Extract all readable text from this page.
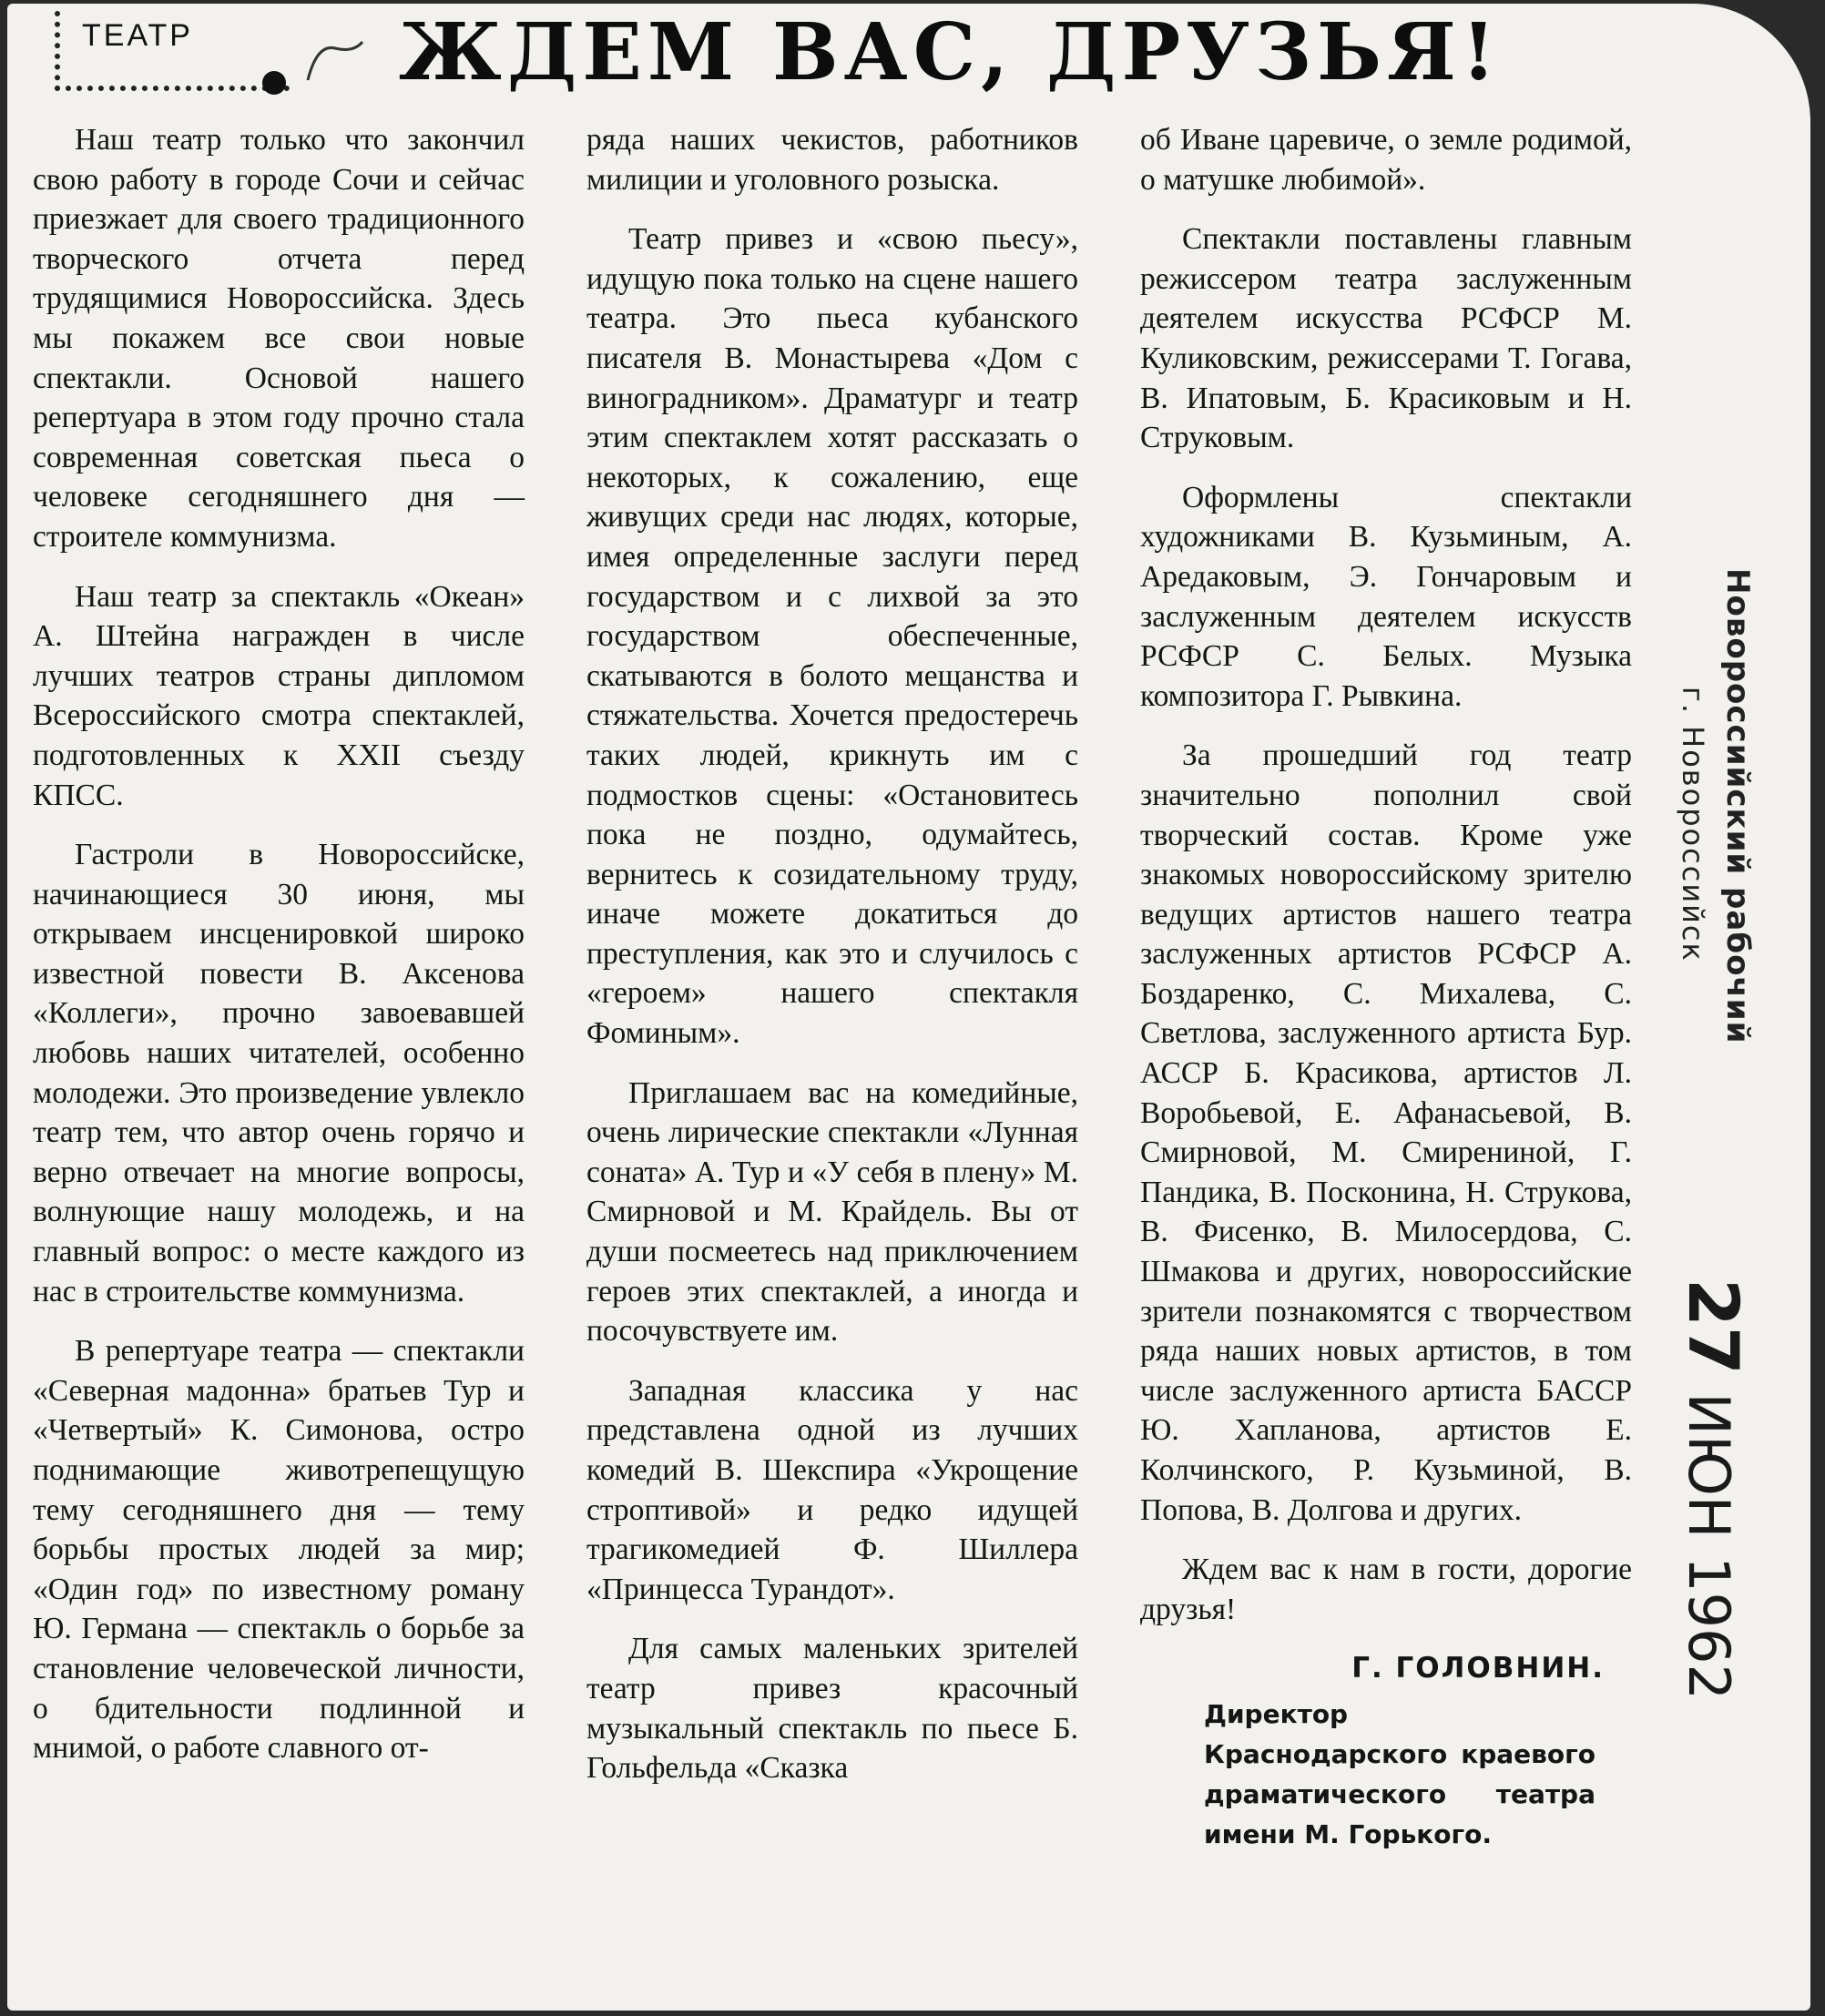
ТЕАТР	ЖДЕМ ВАС, ДРУЗЬЯ!

Наш театр только что закончил свою работу в городе Сочи и сейчас приезжает для своего традиционного творческого отчета перед трудящимися Новороссийска. Здесь мы покажем все свои новые спектакли. Основой нашего репертуара в этом году прочно стала современная советская пьеса о человеке сегодняшнего дня — строителе коммунизма.

Наш театр за спектакль «Океан» А. Штейна награжден в числе лучших театров страны дипломом Всероссийского смотра спектаклей, подготовленных к XXII съезду КПСС.

Гастроли в Новороссийске, начинающиеся 30 июня, мы открываем инсценировкой широко известной повести В. Аксенова «Коллеги», прочно завоевавшей любовь наших читателей, особенно молодежи. Это произведение увлекло театр тем, что автор очень горячо и верно отвечает на многие вопросы, волнующие нашу молодежь, и на главный вопрос: о месте каждого из нас в строительстве коммунизма.

В репертуаре театра — спектакли «Северная мадонна» братьев Тур и «Четвертый» К. Симонова, остро поднимающие животрепещущую тему сегодняшнего дня — тему борьбы простых людей за мир; «Один год» по известному роману Ю. Германа — спектакль о борьбе за становление человеческой личности, о бдительности подлинной и мнимой, о работе славного от-

ряда наших чекистов, работников милиции и уголовного розыска.

Театр привез и «свою пьесу», идущую пока только на сцене нашего театра. Это пьеса кубанского писателя В. Монастырева «Дом с виноградником». Драматург и театр этим спектаклем хотят рассказать о некоторых, к сожалению, еще живущих среди нас людях, которые, имея определенные заслуги перед государством и с лихвой за это государством обеспеченные, скатываются в болото мещанства и стяжательства. Хочется предостеречь таких людей, крикнуть им с подмостков сцены: «Остановитесь пока не поздно, одумайтесь, вернитесь к созидательному труду, иначе можете докатиться до преступления, как это и случилось с «героем» нашего спектакля Фоминым».

Приглашаем вас на комедийные, очень лирические спектакли «Лунная соната» А. Тур и «У себя в плену» М. Смирновой и М. Крайдель. Вы от души посмеетесь над приключением героев этих спектаклей, а иногда и посочувствуете им.

Западная классика у нас представлена одной из лучших комедий В. Шекспира «Укрощение строптивой» и редко идущей трагикомедией Ф. Шиллера «Принцесса Турандот».

Для самых маленьких зрителей театр привез красочный музыкальный спектакль по пьесе Б. Гольфельда «Сказка

об Иване царевиче, о земле родимой, о матушке любимой».

Спектакли поставлены главным режиссером театра заслуженным деятелем искусства РСФСР М. Куликовским, режиссерами Т. Гогава, В. Ипатовым, Б. Красиковым и Н. Струковым.

Оформлены спектакли художниками В. Кузьминым, А. Аредаковым, Э. Гончаровым и заслуженным деятелем искусств РСФСР С. Белых. Музыка композитора Г. Рывкина.

За прошедший год театр значительно пополнил свой творческий состав. Кроме уже знакомых новороссийскому зрителю ведущих артистов нашего театра заслуженных артистов РСФСР А. Боздаренко, С. Михалева, С. Светлова, заслуженного артиста Бур. АССР Б. Красикова, артистов Л. Воробьевой, Е. Афанасьевой, В. Смирновой, М. Смирениной, Г. Пандика, В. Посконина, Н. Струкова, В. Фисенко, В. Милосердова, С. Шмакова и других, новороссийские зрители познакомятся с творчеством ряда наших новых артистов, в том числе заслуженного артиста БАССР Ю. Хапланова, артистов Е. Колчинского, Р. Кузьминой, В. Попова, В. Долгова и других.

Ждем вас к нам в гости, дорогие друзья!

Г. ГОЛОВНИН.
Директор Краснодарского краевого драматического театра имени М. Горького.
Новороссийский рабочий
г. Новороссийск
27 ИЮН 1962
